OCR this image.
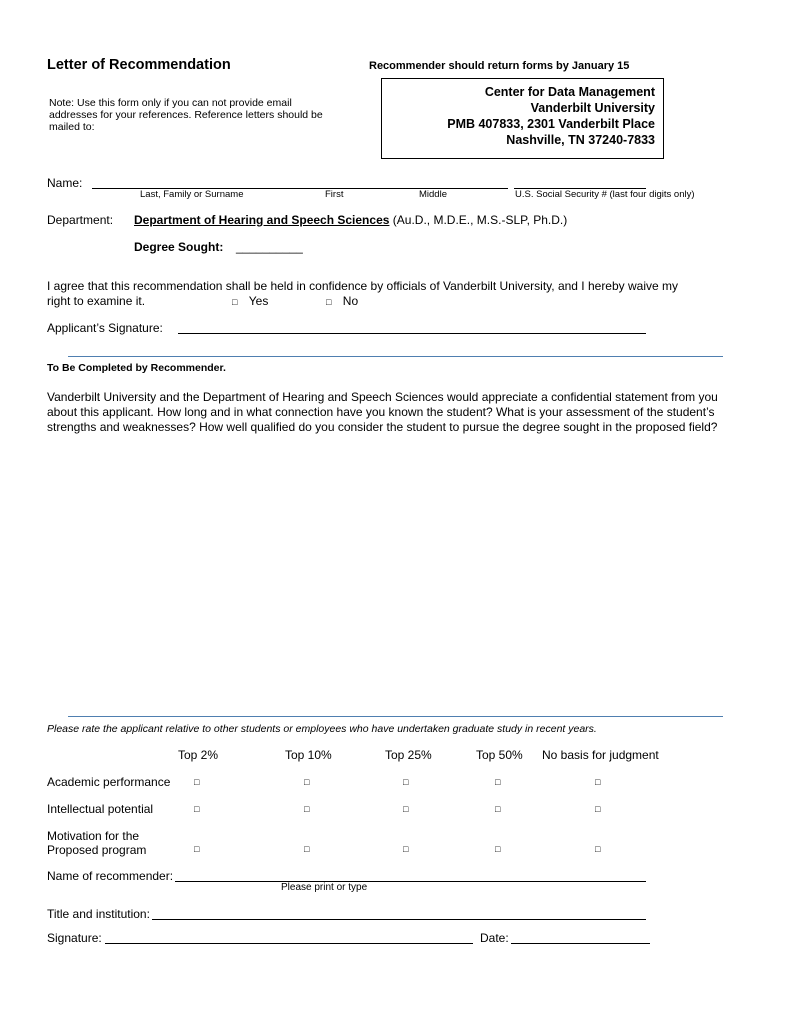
Letter of Recommendation	Recommender should return forms by January 15
Note: Use this form only if you can not provide email addresses for your references. Reference letters should be mailed to:
Center for Data Management
Vanderbilt University
PMB 407833, 2301 Vanderbilt Place
Nashville, TN 37240-7833
Name:
Last, Family or Surname	First	Middle	U.S. Social Security # (last four digits only)
Department: Department of Hearing and Speech Sciences (Au.D., M.D.E., M.S.-SLP, Ph.D.)
Degree Sought: __________
I agree that this recommendation shall be held in confidence by officials of Vanderbilt University, and I hereby waive my
right to examine it.	□ Yes	□ No
Applicant’s Signature:
To Be Completed by Recommender.
Vanderbilt University and the Department of Hearing and Speech Sciences would appreciate a confidential statement from you about this applicant. How long and in what connection have you known the student? What is your assessment of the student’s strengths and weaknesses? How well qualified do you consider the student to pursue the degree sought in the proposed field?
Please rate the applicant relative to other students or employees who have undertaken graduate study in recent years.
Top 2%	Top 10%	Top 25%	Top 50% No basis for judgment
Academic performance	□	□	□	□	□
Intellectual potential	□	□	□	□	□
Motivation for the
Proposed program	□	□	□	□	□
Name of recommender:
Please print or type
Title and institution:
Signature:	Date:
